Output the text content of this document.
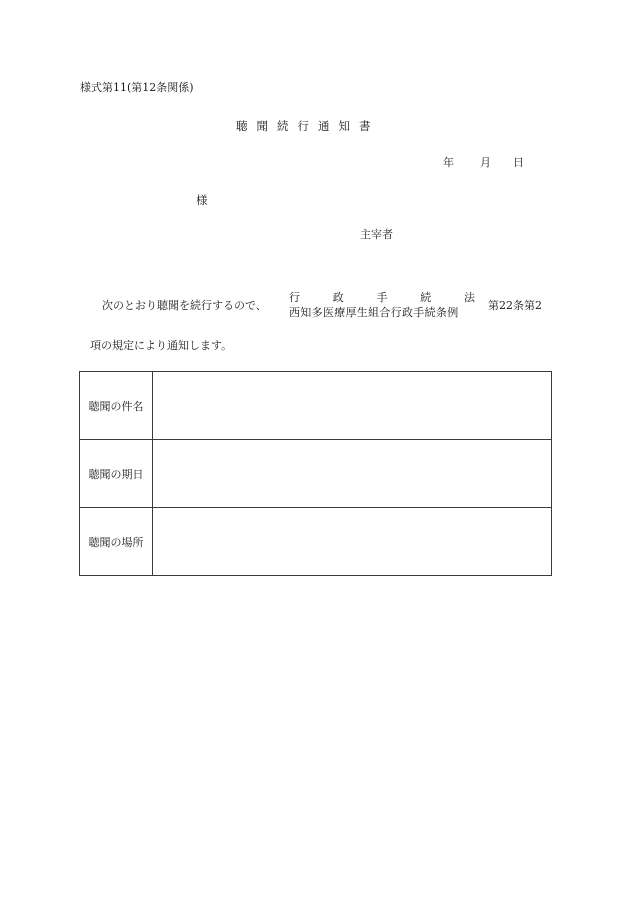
様式第11(第12条関係)
聴聞続行通知書
年 月 日
様
主宰者
次のとおり聴聞を続行するので、
行	政	手	続	法
西知多医療厚生組合行政手続条例
第22条第2
項の規定により通知します。
聴聞の件名	
聴聞の期日	
聴聞の場所	
